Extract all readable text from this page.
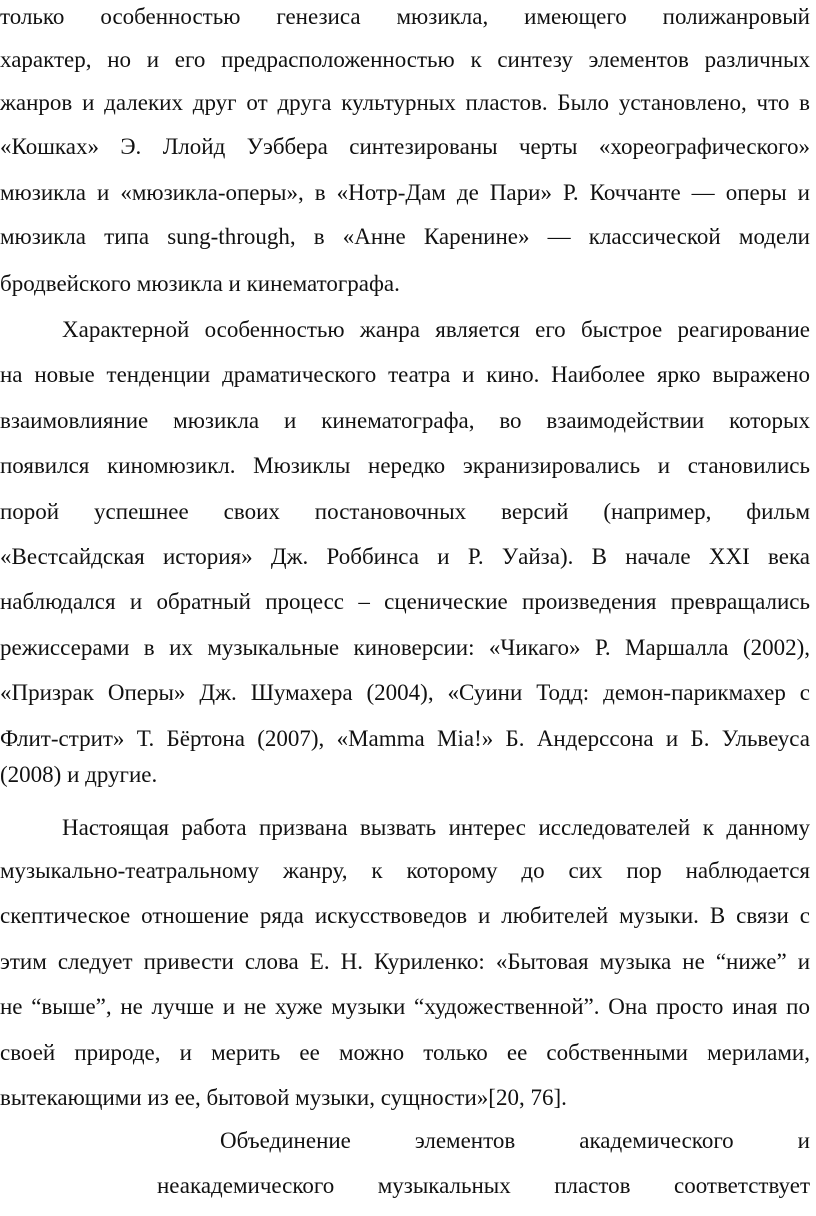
только особенностью генезиса мюзикла, имеющего полижанровый
характер, но и его предрасположенностью к синтезу элементов различных
жанров и далеких друг от друга культурных пластов. Было установлено, что в
«Кошках» Э. Ллойд Уэббера синтезированы черты «хореографического»
мюзикла и «мюзикла-оперы», в «Нотр-Дам де Пари» Р. Коччанте — оперы и
мюзикла типа sung-through, в «Анне Каренине» — классической модели
бродвейского мюзикла и кинематографа.
Характерной особенностью жанра является его быстрое реагирование
на новые тенденции драматического театра и кино. Наиболее ярко выражено
взаимовлияние мюзикла и кинематографа, во взаимодействии которых
появился киномюзикл. Мюзиклы нередко экранизировались и становились
порой успешнее своих постановочных версий (например, фильм
«Вестсайдская история» Дж. Роббинса и Р. Уайза). В начале XXI века
наблюдался и обратный процесс – сценические произведения превращались
режиссерами в их музыкальные киноверсии: «Чикаго» Р. Маршалла (2002),
«Призрак Оперы» Дж. Шумахера (2004), «Суини Тодд: демон-парикмахер с
Флит-стрит» Т. Бёртона (2007), «Mamma Mia!» Б. Андерссона и Б. Ульвеуса
(2008) и другие.
Настоящая работа призвана вызвать интерес исследователей к данному
музыкально-театральному жанру, к которому до сих пор наблюдается
скептическое отношение ряда искусствоведов и любителей музыки. В связи с
этим следует привести слова Е. Н. Куриленко: «Бытовая музыка не “ниже” и
не “выше”, не лучше и не хуже музыки “художественной”. Она просто иная по
своей природе, и мерить ее можно только ее собственными мерилами,
вытекающими из ее, бытовой музыки, сущности»[20, 76].
Объединение элементов академического и
неакадемического музыкальных пластов соответствует
